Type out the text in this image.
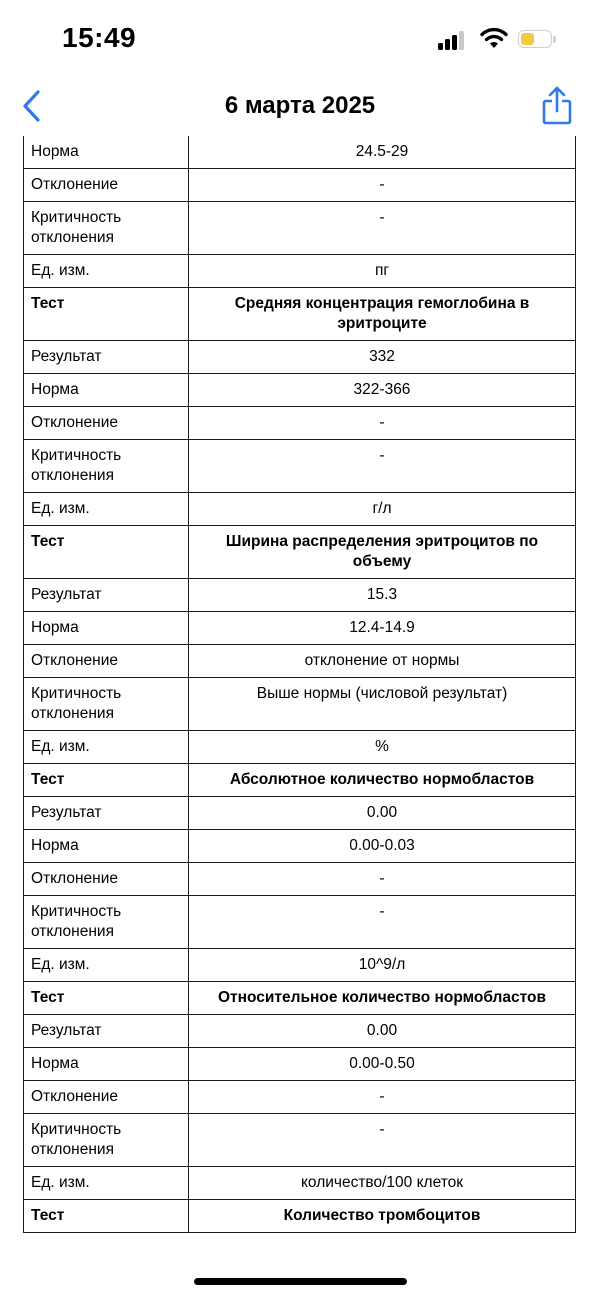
15:49
6 марта 2025
Норма	24.5-29
Отклонение	-
Критичность отклонения	-
Ед. изм.	пг
Тест	Средняя концентрация гемоглобина в эритроците
Результат	332
Норма	322-366
Отклонение	-
Критичность отклонения	-
Ед. изм.	г/л
Тест	Ширина распределения эритроцитов по объему
Результат	15.3
Норма	12.4-14.9
Отклонение	отклонение от нормы
Критичность отклонения	Выше нормы (числовой результат)
Ед. изм.	%
Тест	Абсолютное количество нормобластов
Результат	0.00
Норма	0.00-0.03
Отклонение	-
Критичность отклонения	-
Ед. изм.	10^9/л
Тест	Относительное количество нормобластов
Результат	0.00
Норма	0.00-0.50
Отклонение	-
Критичность отклонения	-
Ед. изм.	количество/100 клеток
Тест	Количество тромбоцитов
